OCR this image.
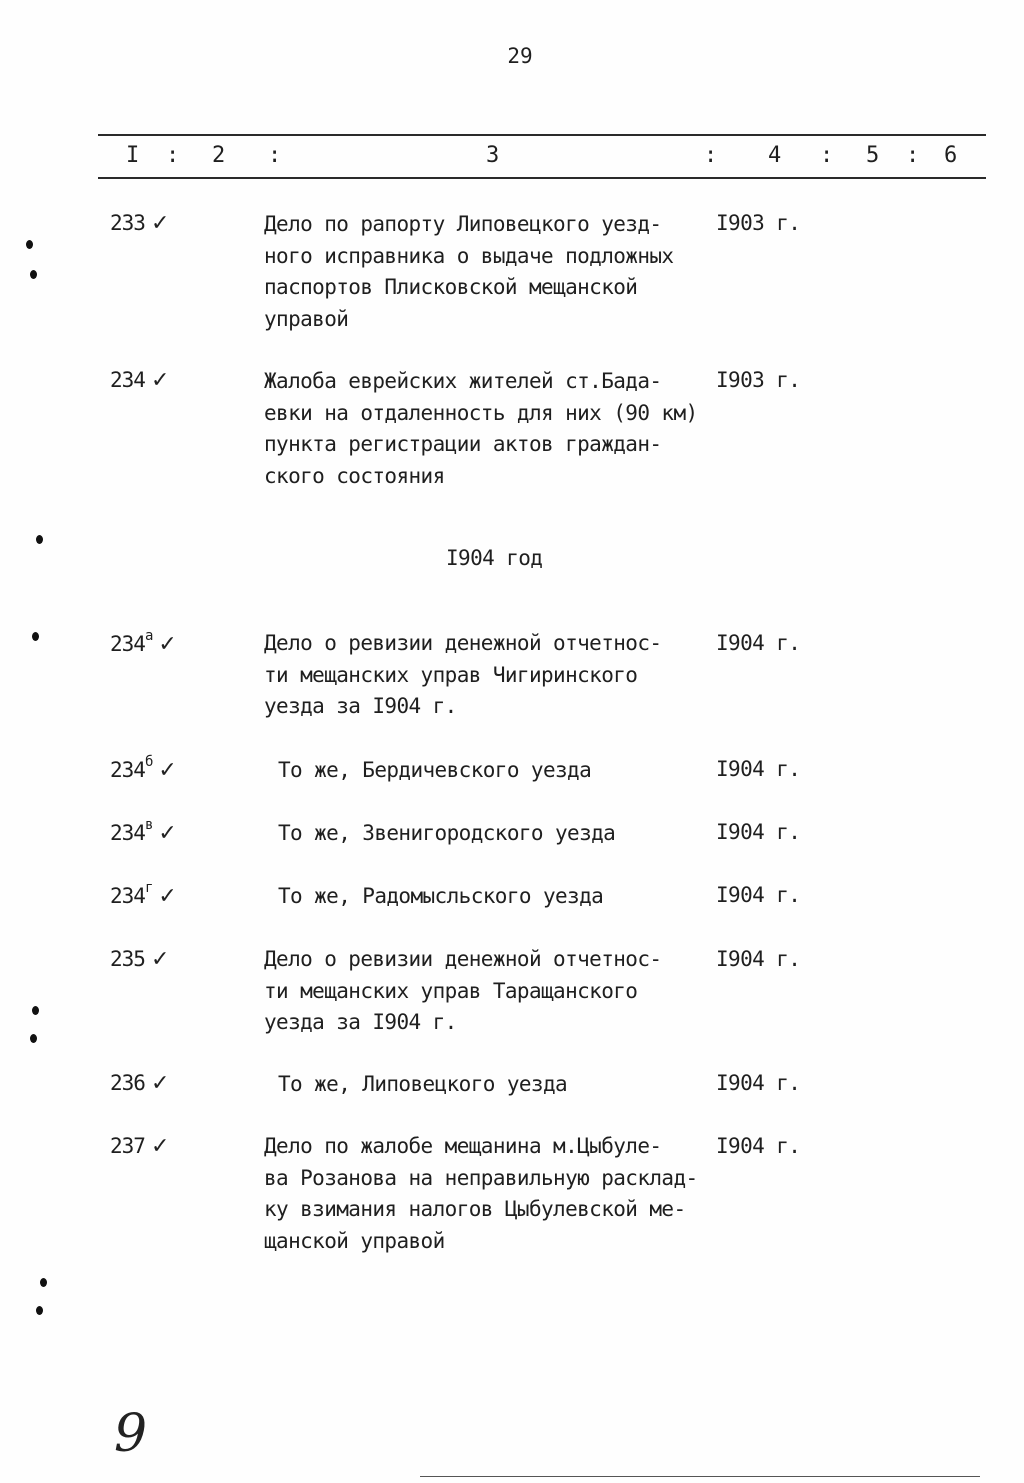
29
I : 2 :	3	: 4 : 5 : 6
233 ✓	Дело по рапорту Липовецкого уезд-
ного исправника о выдаче подложных
паспортов Плисковской мещанской
управой
I903 г.
234 ✓	Жалоба еврейских жителей ст.Бада-
евки на отдаленность для них (90 км)
пункта регистрации актов граждан-
ского состояния
I903 г.
I904 год
$234^а$ ✓	Дело о ревизии денежной отчетнос-
ти мещанских управ Чигиринского
уезда за I904 г.
I904 г.
$234^б$ ✓	То же, Бердичевского уезда	I904 г.
$234^в$ ✓	То же, Звенигородского уезда	I904 г.
$234^г$ ✓	То же, Радомысльского уезда	I904 г.
235 ✓	Дело о ревизии денежной отчетнос-
ти мещанских управ Таращанского
уезда за I904 г.
I904 г.
236 ✓	То же, Липовецкого уезда	I904 г.
237 ✓	Дело по жалобе мещанина м.Цыбуле-
ва Розанова на неправильную расклад-
ку взимания налогов Цыбулевской ме-
щанской управой
I904 г.
9
